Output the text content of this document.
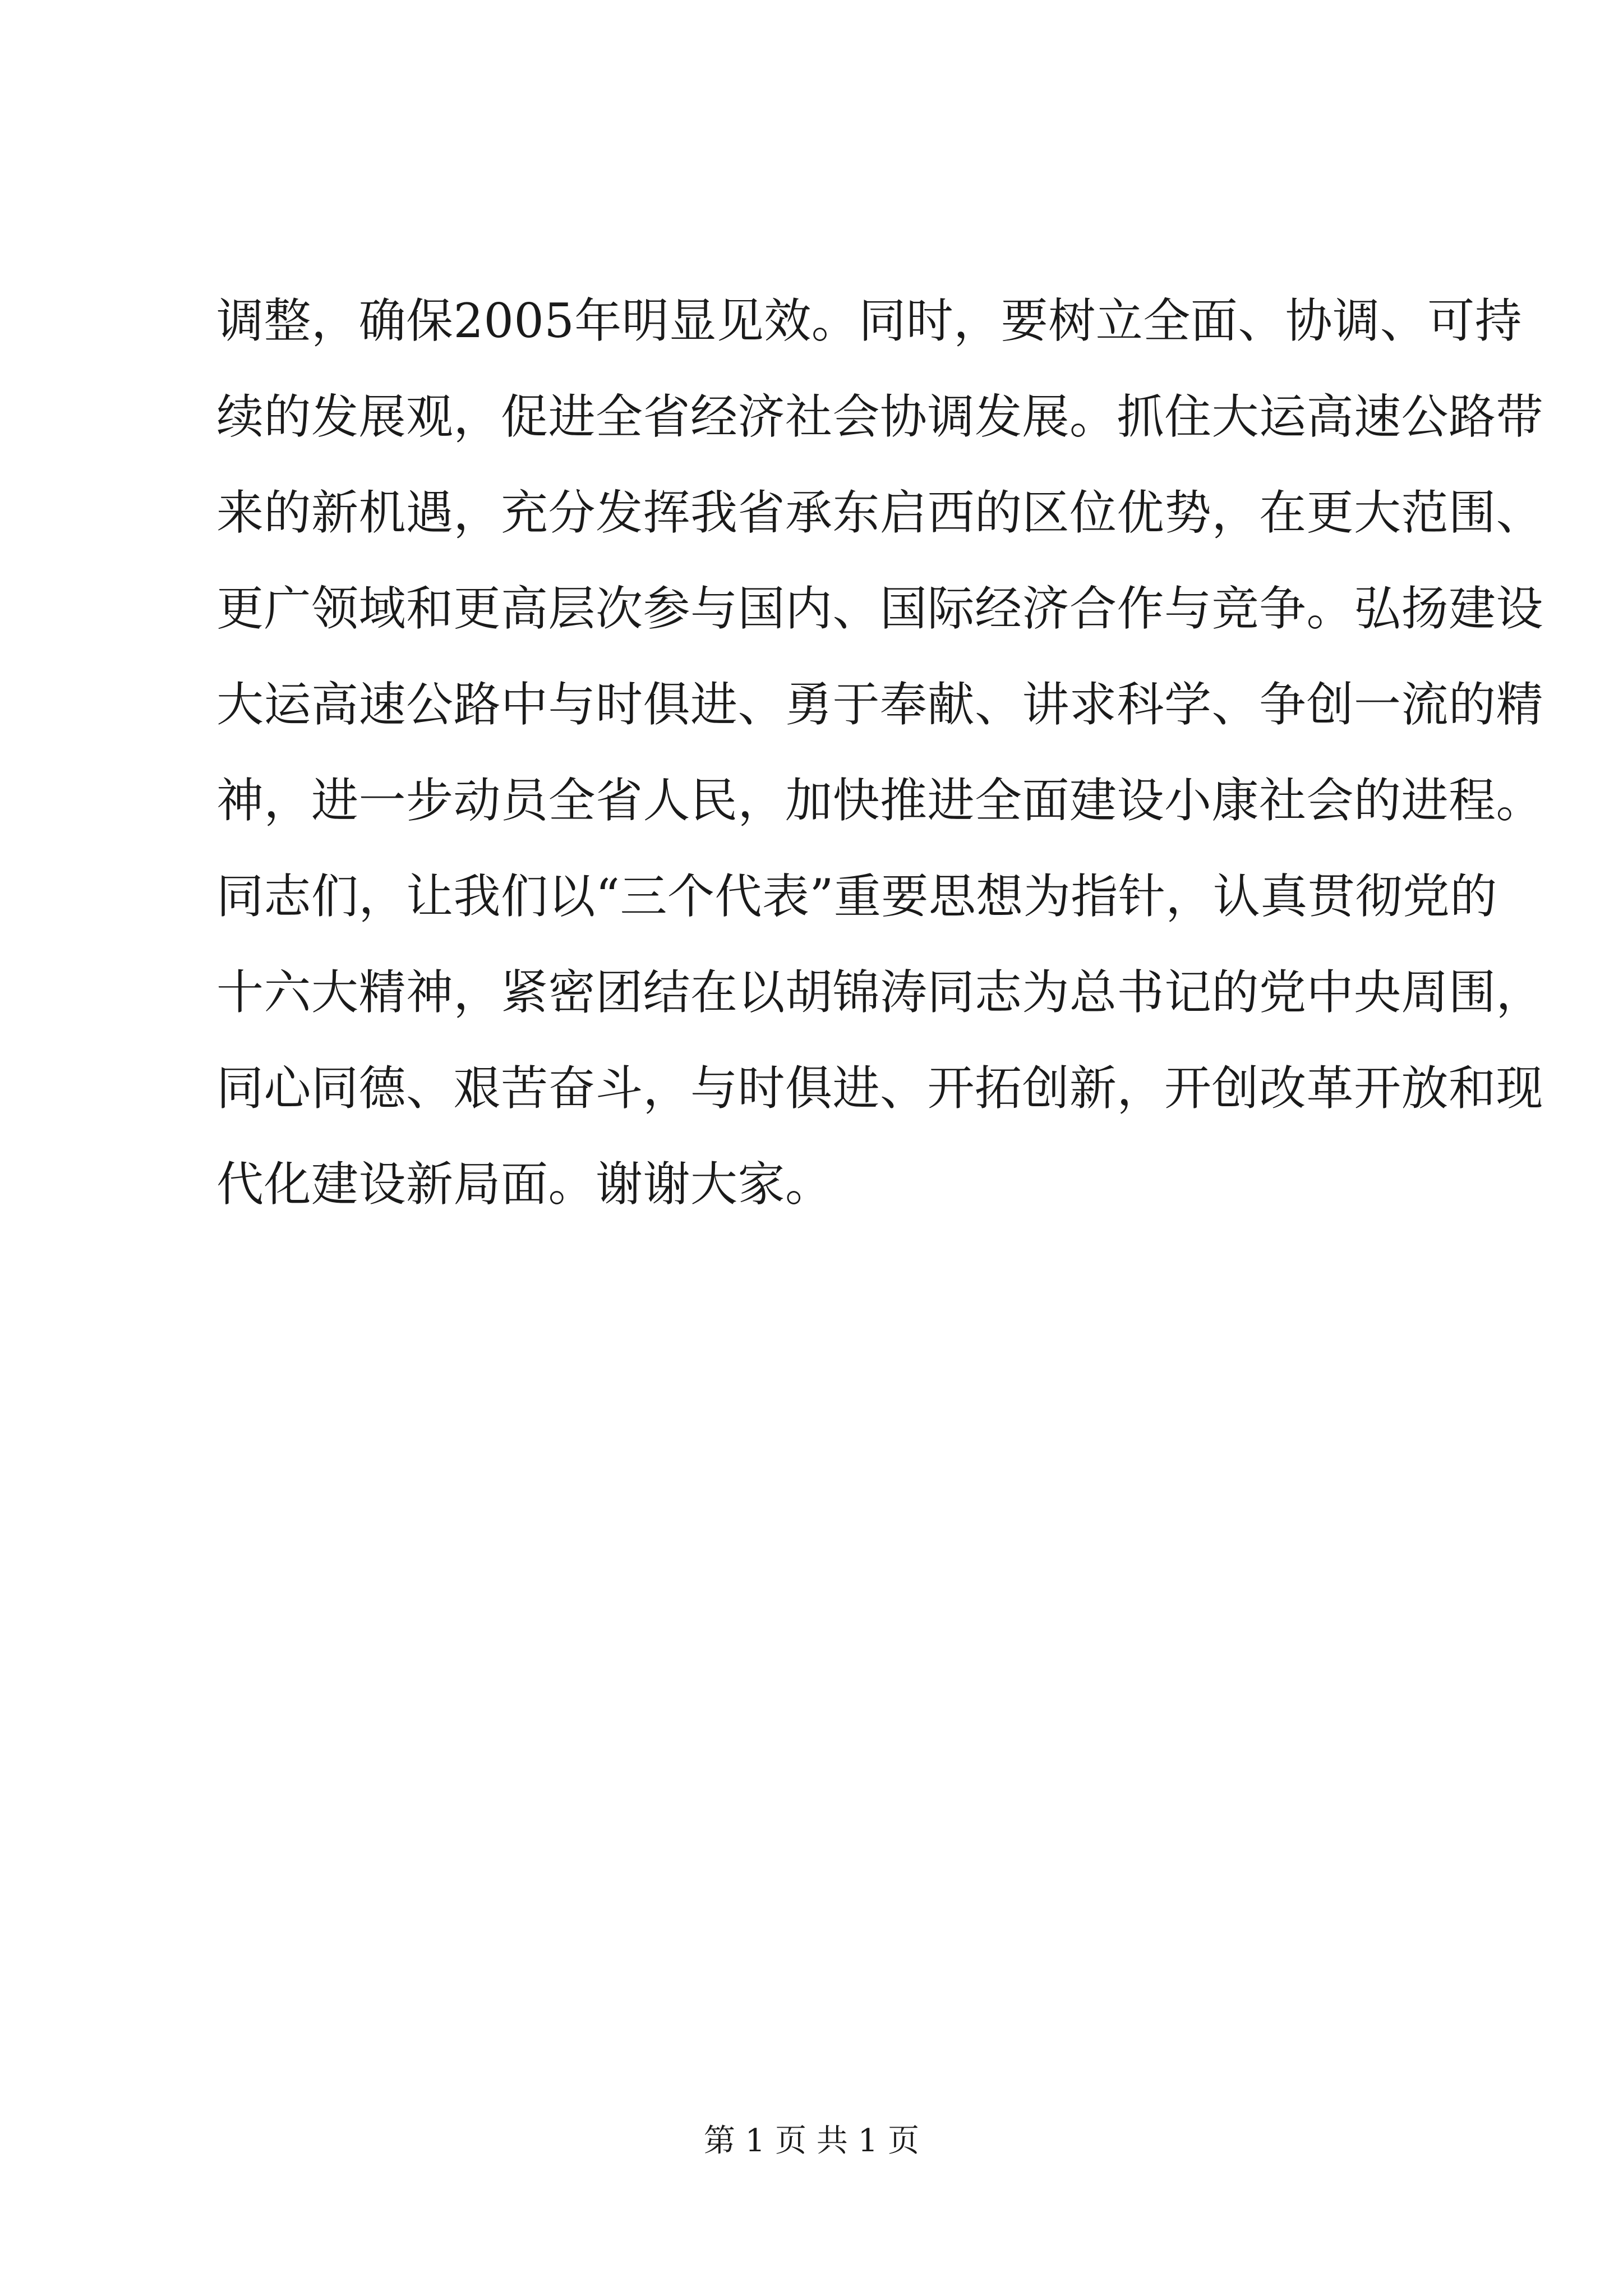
调整，确保2005年明显见效。同时，要树立全面、协调、可持
续的发展观，促进全省经济社会协调发展。抓住大运高速公路带
来的新机遇，充分发挥我省承东启西的区位优势，在更大范围、
更广领域和更高层次参与国内、国际经济合作与竞争。弘扬建设
大运高速公路中与时俱进、勇于奉献、讲求科学、争创一流的精
神，进一步动员全省人民，加快推进全面建设小康社会的进程。
同志们，让我们以“三个代表”重要思想为指针，认真贯彻党的
十六大精神，紧密团结在以胡锦涛同志为总书记的党中央周围，
同心同德、艰苦奋斗，与时俱进、开拓创新，开创改革开放和现
代化建设新局面。谢谢大家。
第 1 页 共 1 页
